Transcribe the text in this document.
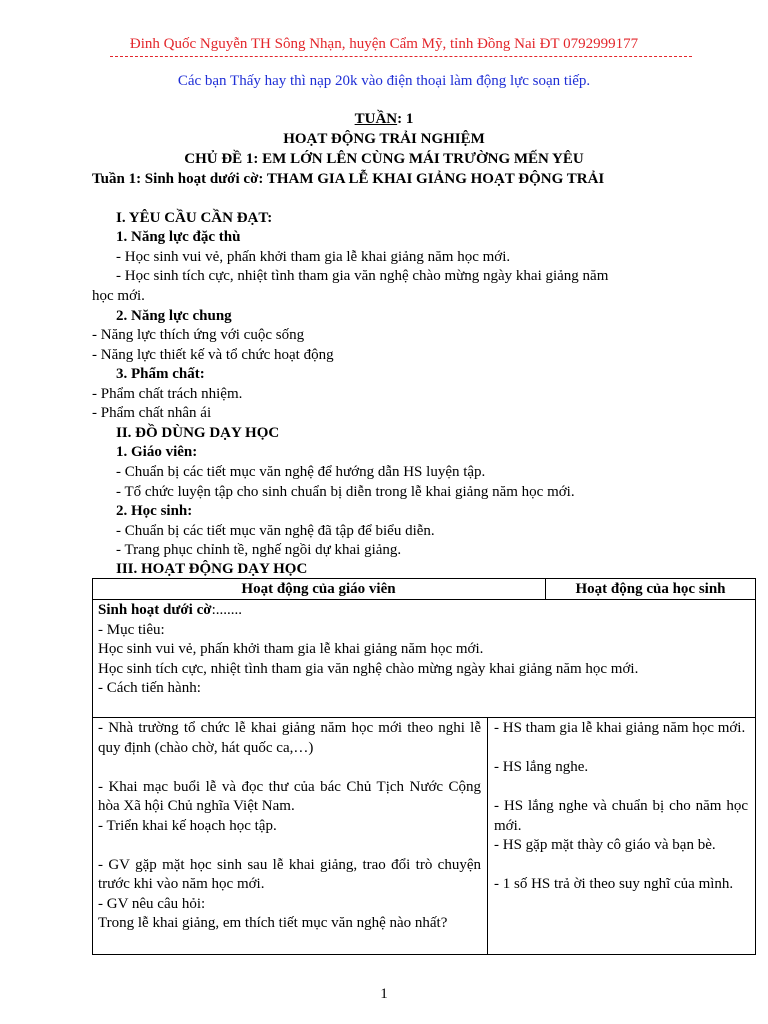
Đinh Quốc Nguyễn TH Sông Nhạn, huyện Cẩm Mỹ, tỉnh Đồng Nai ĐT 0792999177
Các bạn Thấy hay thì nạp 20k vào điện thoại làm động lực soạn tiếp.
TUẦN: 1
HOẠT ĐỘNG TRẢI NGHIỆM
CHỦ ĐỀ 1: EM LỚN LÊN CÙNG MÁI TRƯỜNG MẾN YÊU
Tuần 1: Sinh hoạt dưới cờ: THAM GIA LỄ KHAI GIẢNG HOẠT ĐỘNG TRẢI
I. YÊU CẦU CẦN ĐẠT:
1. Năng lực đặc thù
- Học sinh vui vẻ, phấn khởi tham gia lễ khai giảng năm học mới.
- Học sinh tích cực, nhiệt tình tham gia văn nghệ chào mừng ngày khai giảng năm
học mới.
2. Năng lực chung
- Năng lực thích ứng với cuộc sống
- Năng lực thiết kế và tổ chức hoạt động
3. Phẩm chất:
- Phẩm chất trách nhiệm.
- Phẩm chất nhân ái
II. ĐỒ DÙNG DẠY HỌC
1. Giáo viên:
- Chuẩn bị các tiết mục văn nghệ để hướng dẫn HS luyện tập.
- Tổ chức luyện tập cho sinh chuẩn bị diễn trong lễ khai giảng năm học mới.
2. Học sinh:
- Chuẩn bị các tiết mục văn nghệ đã tập để biểu diễn.
- Trang phục chỉnh tề, nghế ngồi dự khai giảng.
III. HOẠT ĐỘNG DẠY HỌC
Hoạt động của giáo viên	Hoạt động của học sinh

Sinh hoạt dưới cờ:.......

- Mục tiêu:

Học sinh vui vẻ, phấn khởi tham gia lễ khai giảng năm học mới.

Học sinh tích cực, nhiệt tình tham gia văn nghệ chào mừng ngày khai giảng năm học mới.

- Cách tiến hành:

- Nhà trường tổ chức lễ khai giảng năm học mới theo nghi lễ quy định (chào chờ, hát quốc ca,…)

- Khai mạc buổi lễ và đọc thư của bác Chủ Tịch Nước Cộng hòa Xã hội Chủ nghĩa Việt Nam.

- Triển khai kế hoạch học tập.

- GV gặp mặt học sinh sau lễ khai giảng, trao đổi trò chuyện trước khi vào năm học mới.

- GV nêu câu hỏi:

Trong lễ khai giảng, em thích tiết mục văn nghệ nào nhất?

- HS tham gia lễ khai giảng năm học mới.

- HS lắng nghe.

- HS lắng nghe và chuẩn bị cho năm học mới.

- HS gặp mặt thày cô giáo và bạn bè.

- 1 số HS trả ời theo suy nghĩ của mình.

1
